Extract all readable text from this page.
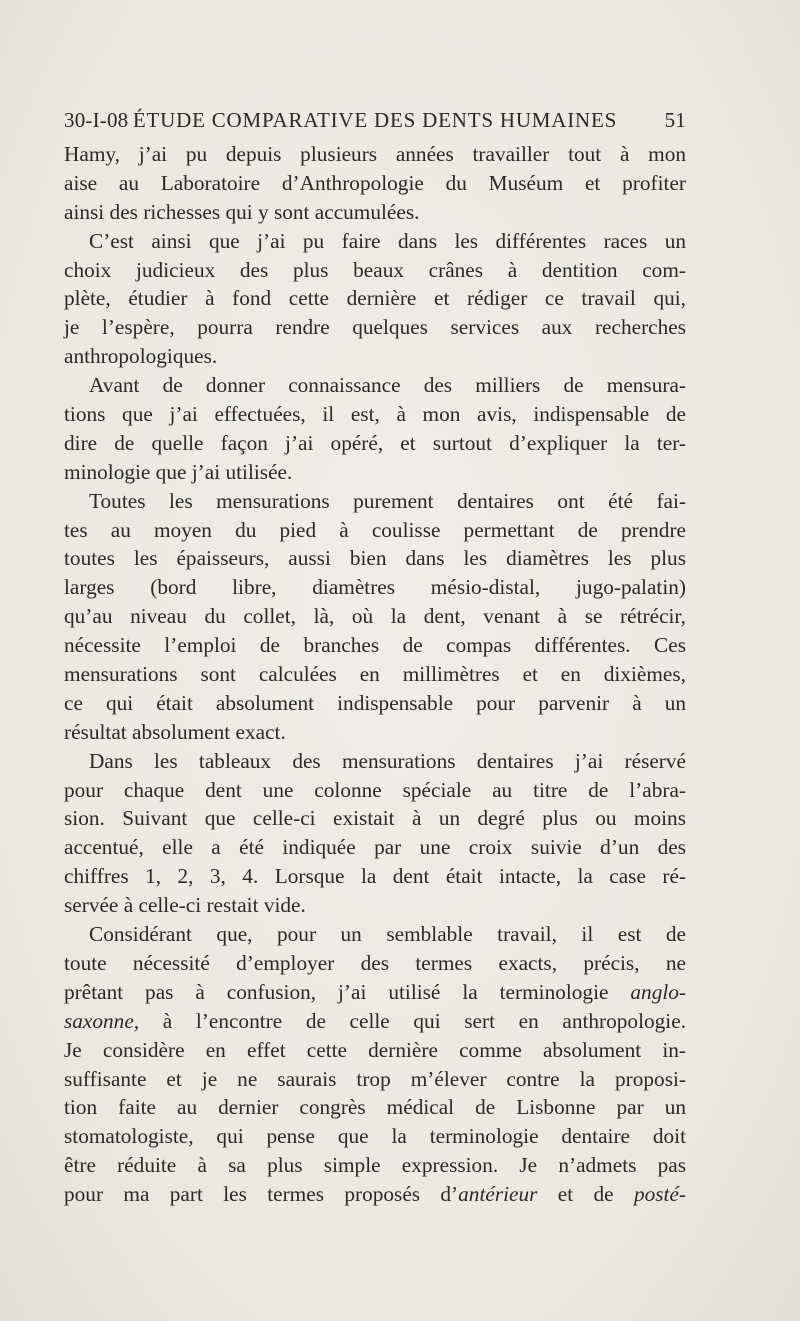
30-I-08 ÉTUDE COMPARATIVE DES DENTS HUMAINES	51

Hamy, j’ai pu depuis plusieurs années travailler tout à mon
aise au Laboratoire d’Anthropologie du Muséum et profiter
ainsi des richesses qui y sont accumulées.

C’est ainsi que j’ai pu faire dans les différentes races un
choix judicieux des plus beaux crânes à dentition com-
plète, étudier à fond cette dernière et rédiger ce travail qui,
je l’espère, pourra rendre quelques services aux recherches
anthropologiques.

Avant de donner connaissance des milliers de mensura-
tions que j’ai effectuées, il est, à mon avis, indispensable de
dire de quelle façon j’ai opéré, et surtout d’expliquer la ter-
minologie que j’ai utilisée.

Toutes les mensurations purement dentaires ont été fai-
tes au moyen du pied à coulisse permettant de prendre
toutes les épaisseurs, aussi bien dans les diamètres les plus
larges (bord libre, diamètres mésio-distal, jugo-palatin)
qu’au niveau du collet, là, où la dent, venant à se rétrécir,
nécessite l’emploi de branches de compas différentes. Ces
mensurations sont calculées en millimètres et en dixièmes,
ce qui était absolument indispensable pour parvenir à un
résultat absolument exact.

Dans les tableaux des mensurations dentaires j’ai réservé
pour chaque dent une colonne spéciale au titre de l’abra-
sion. Suivant que celle-ci existait à un degré plus ou moins
accentué, elle a été indiquée par une croix suivie d’un des
chiffres 1, 2, 3, 4. Lorsque la dent était intacte, la case ré-
servée à celle-ci restait vide.

Considérant que, pour un semblable travail, il est de
toute nécessité d’employer des termes exacts, précis, ne
prêtant pas à confusion, j’ai utilisé la terminologie anglo-
saxonne, à l’encontre de celle qui sert en anthropologie.
Je considère en effet cette dernière comme absolument in-
suffisante et je ne saurais trop m’élever contre la proposi-
tion faite au dernier congrès médical de Lisbonne par un
stomatologiste, qui pense que la terminologie dentaire doit
être réduite à sa plus simple expression. Je n’admets pas
pour ma part les termes proposés d’antérieur et de posté-
